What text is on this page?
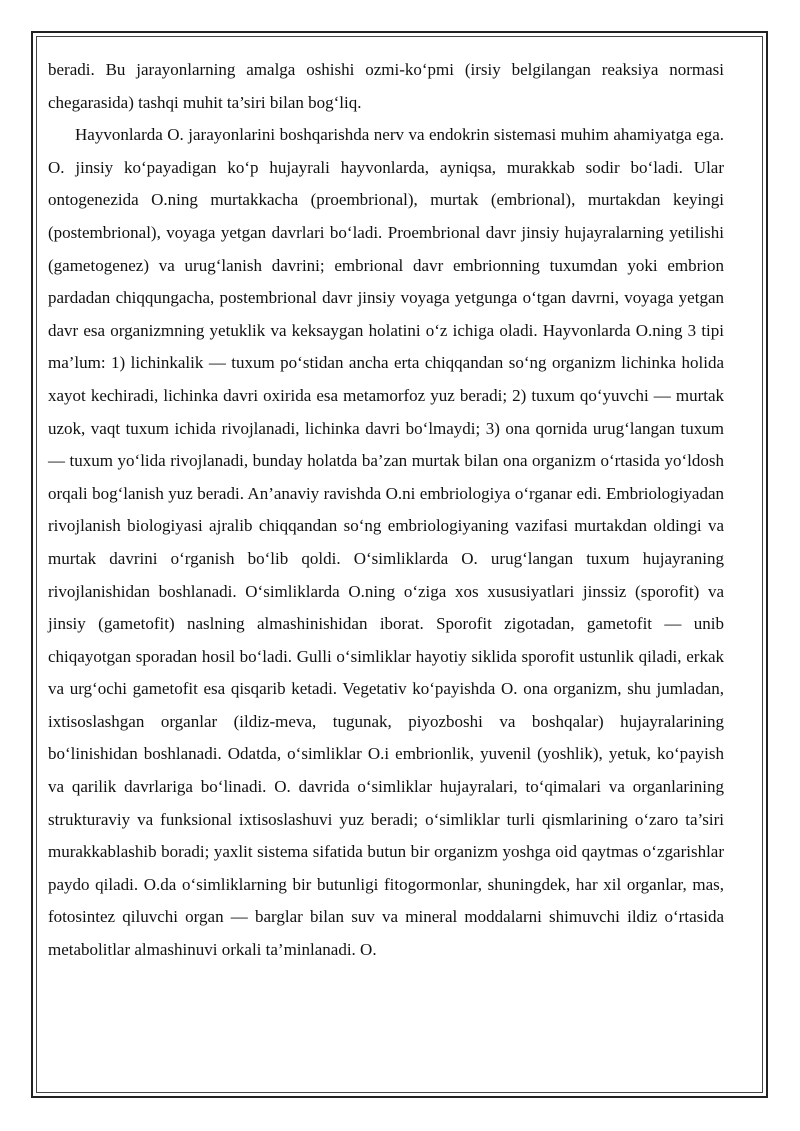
beradi. Bu jarayonlarning amalga oshishi ozmi-ko‘pmi (irsiy belgilangan reaksiya normasi chegarasida) tashqi muhit ta’siri bilan bog‘liq.

Hayvonlarda O. jarayonlarini boshqarishda nerv va endokrin sistemasi muhim ahamiyatga ega. O. jinsiy ko‘payadigan ko‘p hujayrali hayvonlarda, ayniqsa, murakkab sodir bo‘ladi. Ular ontogenezida O.ning murtakkacha (proembrional), murtak (embrional), murtakdan keyingi (postembrional), voyaga yetgan davrlari bo‘ladi. Proembrional davr jinsiy hujayralarning yetilishi (gametogenez) va urug‘lanish davrini; embrional davr embrionning tuxumdan yoki embrion pardadan chiqqungacha, postembrional davr jinsiy voyaga yetgunga o‘tgan davrni, voyaga yetgan davr esa organizmning yetuklik va keksaygan holatini o‘z ichiga oladi. Hayvonlarda O.ning 3 tipi ma’lum: 1) lichinkalik — tuxum po‘stidan ancha erta chiqqandan so‘ng organizm lichinka holida xayot kechiradi, lichinka davri oxirida esa metamorfoz yuz beradi; 2) tuxum qo‘yuvchi — murtak uzok, vaqt tuxum ichida rivojlanadi, lichinka davri bo‘lmaydi; 3) ona qornida urug‘langan tuxum — tuxum yo‘lida rivojlanadi, bunday holatda ba’zan murtak bilan ona organizm o‘rtasida yo‘ldosh orqali bog‘lanish yuz beradi. An’anaviy ravishda O.ni embriologiya o‘rganar edi. Embriologiyadan rivojlanish biologiyasi ajralib chiqqandan so‘ng embriologiyaning vazifasi murtakdan oldingi va murtak davrini o‘rganish bo‘lib qoldi. O‘simliklarda O. urug‘langan tuxum hujayraning rivojlanishidan boshlanadi. O‘simliklarda O.ning o‘ziga xos xususiyatlari jinssiz (sporofit) va jinsiy (gametofit) naslning almashinishidan iborat. Sporofit zigotadan, gametofit — unib chiqayotgan sporadan hosil bo‘ladi. Gulli o‘simliklar hayotiy siklida sporofit ustunlik qiladi, erkak va urg‘ochi gametofit esa qisqarib ketadi. Vegetativ ko‘payishda O. ona organizm, shu jumladan, ixtisoslashgan organlar (ildiz-meva, tugunak, piyozboshi va boshqalar) hujayralarining bo‘linishidan boshlanadi. Odatda, o‘simliklar O.i embrionlik, yuvenil (yoshlik), yetuk, ko‘payish va qarilik davrlariga bo‘linadi. O. davrida o‘simliklar hujayralari, to‘qimalari va organlarining strukturaviy va funksional ixtisoslashuvi yuz beradi; o‘simliklar turli qismlarining o‘zaro ta’siri murakkablashib boradi; yaxlit sistema sifatida butun bir organizm yoshga oid qaytmas o‘zgarishlar paydo qiladi. O.da o‘simliklarning bir butunligi fitogormonlar, shuningdek, har xil organlar, mas, fotosintez qiluvchi organ — barglar bilan suv va mineral moddalarni shimuvchi ildiz o‘rtasida metabolitlar almashinuvi orkali ta’minlanadi. O.
